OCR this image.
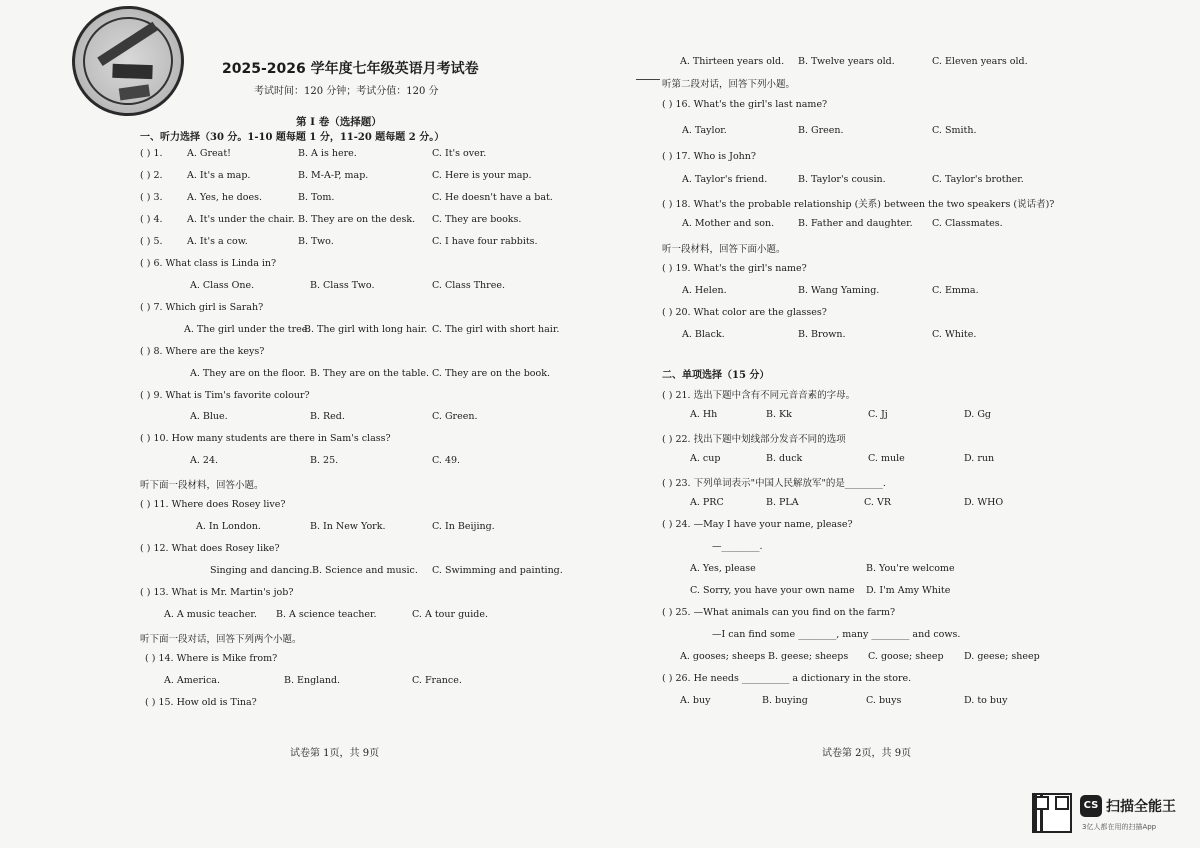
2025-2026 学年度七年级英语月考试卷
考试时间：120 分钟；考试分值：120 分
第 I 卷（选择题）
一、听力选择（30 分。1-10 题每题 1 分，11-20 题每题 2 分。）
( ) 1.	A. Great!	B. A is here.	C. It's over.
( ) 2.	A. It's a map.	B. M-A-P, map.	C. Here is your map.
( ) 3.	A. Yes, he does.	B. Tom.	C. He doesn't have a bat.
( ) 4.	A. It's under the chair. B. They are on the desk. C. They are books.
( ) 5.	A. It's a cow.	B. Two.	C. I have four rabbits.
( ) 6. What class is Linda in?
A. Class One.	B. Class Two.	C. Class Three.
( ) 7. Which girl is Sarah?
A. The girl under the tree.
B. The girl with long hair. C. The girl with short hair.
( ) 8. Where are the keys?
A. They are on the floor. B. They are on the table. C. They are on the book.
( ) 9. What is Tim's favorite colour?
A. Blue.	B. Red.	C. Green.
( ) 10. How many students are there in Sam's class?
A. 24.	B. 25.	C. 49.
听下面一段材料，回答小题。
( ) 11. Where does Rosey live?
A. In London.	B. In New York.	C. In Beijing.
( ) 12. What does Rosey like?
Singing and dancing. B. Science and music. C. Swimming and painting.
( ) 13. What is Mr. Martin's job?
A. A music teacher. B. A science teacher.	C. A tour guide.
听下面一段对话，回答下列两个小题。
( ) 14. Where is Mike from?
A. America.	B. England.	C. France.
( ) 15. How old is Tina?
试卷第 1页，共 9页
A. Thirteen years old. B. Twelve years old.	C. Eleven years old.
听第二段对话，回答下列小题。
( ) 16. What's the girl's last name?
A. Taylor.	B. Green.	C. Smith.
( ) 17. Who is John?
A. Taylor's friend.	B. Taylor's cousin.	C. Taylor's brother.
( ) 18. What's the probable relationship (关系) between the two speakers (说话者)?
A. Mother and son.	B. Father and daughter. C. Classmates.
听一段材料，回答下面小题。
( ) 19. What's the girl's name?
A. Helen.	B. Wang Yaming.	C. Emma.
( ) 20. What color are the glasses?
A. Black.	B. Brown.	C. White.
二、单项选择（15 分）
( ) 21. 选出下题中含有不同元音音素的字母。
A. Hh	B. Kk	C. Jj	D. Gg
( ) 22. 找出下题中划线部分发音不同的选项
A. cup	B. duck	C. mule	D. run
( ) 23. 下列单词表示"中国人民解放军"的是________.
A. PRC	B. PLA	C. VR	D. WHO
( ) 24. —May I have your name, please?
—________.
A. Yes, please	B. You're welcome
C. Sorry, you have your own name D. I'm Amy White
( ) 25. —What animals can you find on the farm?
—I can find some ________, many ________ and cows.
A. gooses; sheeps B. geese; sheeps C. goose; sheep D. geese; sheep
( ) 26. He needs __________ a dictionary in the store.
A. buy	B. buying	C. buys	D. to buy
试卷第 2页，共 9页
CS 扫描全能王
3亿人都在用的扫描App
